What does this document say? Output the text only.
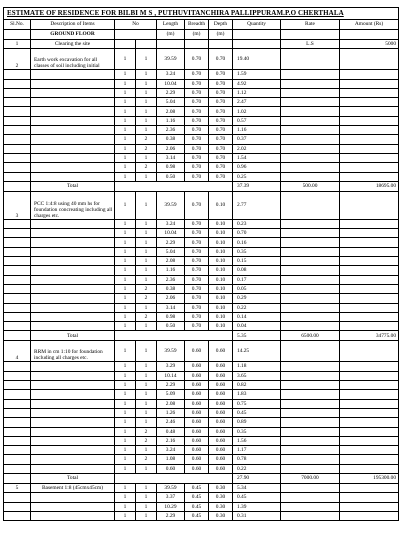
ESTIMATE OF RESIDENCE FOR BILBI M S , PUTHUVITANCHIRA PALLIPPURAM.P.O CHERTHALA									
Sl.No.	Description of Items	No		Length	Breadth	Depth	Quantity	Rate	Amount (Rs)
	GROUND FLOOR			(m)	(m)	(m)			
1	Clearing the site							L.S	5000
2	Earth work excavation for all classes of soil including initial	1	1	39.59	0.70	0.70	19.40		
		1	1	3.24	0.70	0.70	1.59		
		1	1	10.04	0.70	0.70	4.92		
		1	1	2.29	0.70	0.70	1.12		
		1	1	5.04	0.70	0.70	2.47		
		1	1	2.08	0.70	0.70	1.02		
		1	1	1.16	0.70	0.70	0.57		
		1	1	2.36	0.70	0.70	1.16		
		1	2	0.38	0.70	0.70	0.37		
		1	2	2.06	0.70	0.70	2.02		
		1	1	3.14	0.70	0.70	1.54		
		1	2	0.98	0.70	0.70	0.96		
		1	1	0.50	0.70	0.70	0.25		
	Total						37.39	500.00	18695.00
3	PCC 1:4:8 using 40 mm hs for foundation concreating including all charges etc.	1	1	39.59	0.70	0.10	2.77		
		1	1	3.24	0.70	0.10	0.23		
		1	1	10.04	0.70	0.10	0.70		
		1	1	2.29	0.70	0.10	0.16		
		1	1	5.04	0.70	0.10	0.35		
		1	1	2.08	0.70	0.10	0.15		
		1	1	1.16	0.70	0.10	0.08		
		1	1	2.36	0.70	0.10	0.17		
		1	2	0.38	0.70	0.10	0.05		
		1	2	2.06	0.70	0.10	0.29		
		1	1	3.14	0.70	0.10	0.22		
		1	2	0.98	0.70	0.10	0.14		
		1	1	0.50	0.70	0.10	0.04		
	Total						5.35	6500.00	34775.00
4	RRM in cm 1:10 for foundation including all charges etc.	1	1	39.59	0.60	0.60	14.25		
		1	1	3.29	0.60	0.60	1.18		
		1	1	10.14	0.60	0.60	3.65		
		1	1	2.29	0.60	0.60	0.82		
		1	1	5.09	0.60	0.60	1.83		
		1	1	2.08	0.60	0.60	0.75		
		1	1	1.26	0.60	0.60	0.45		
		1	1	2.46	0.60	0.60	0.89		
		1	2	0.48	0.60	0.60	0.35		
		1	2	2.16	0.60	0.60	1.56		
		1	1	3.24	0.60	0.60	1.17		
		1	2	1.08	0.60	0.60	0.78		
		1	1	0.60	0.60	0.60	0.22		
	Total						27.90	7000.00	195300.00
5	Basement 1:8 (45cmx45cm)	1	1	39.59	0.45	0.30	5.34		
		1	1	3.37	0.45	0.30	0.45		
		1	1	10.29	0.45	0.30	1.39		
		1	1	2.29	0.45	0.30	0.31		
